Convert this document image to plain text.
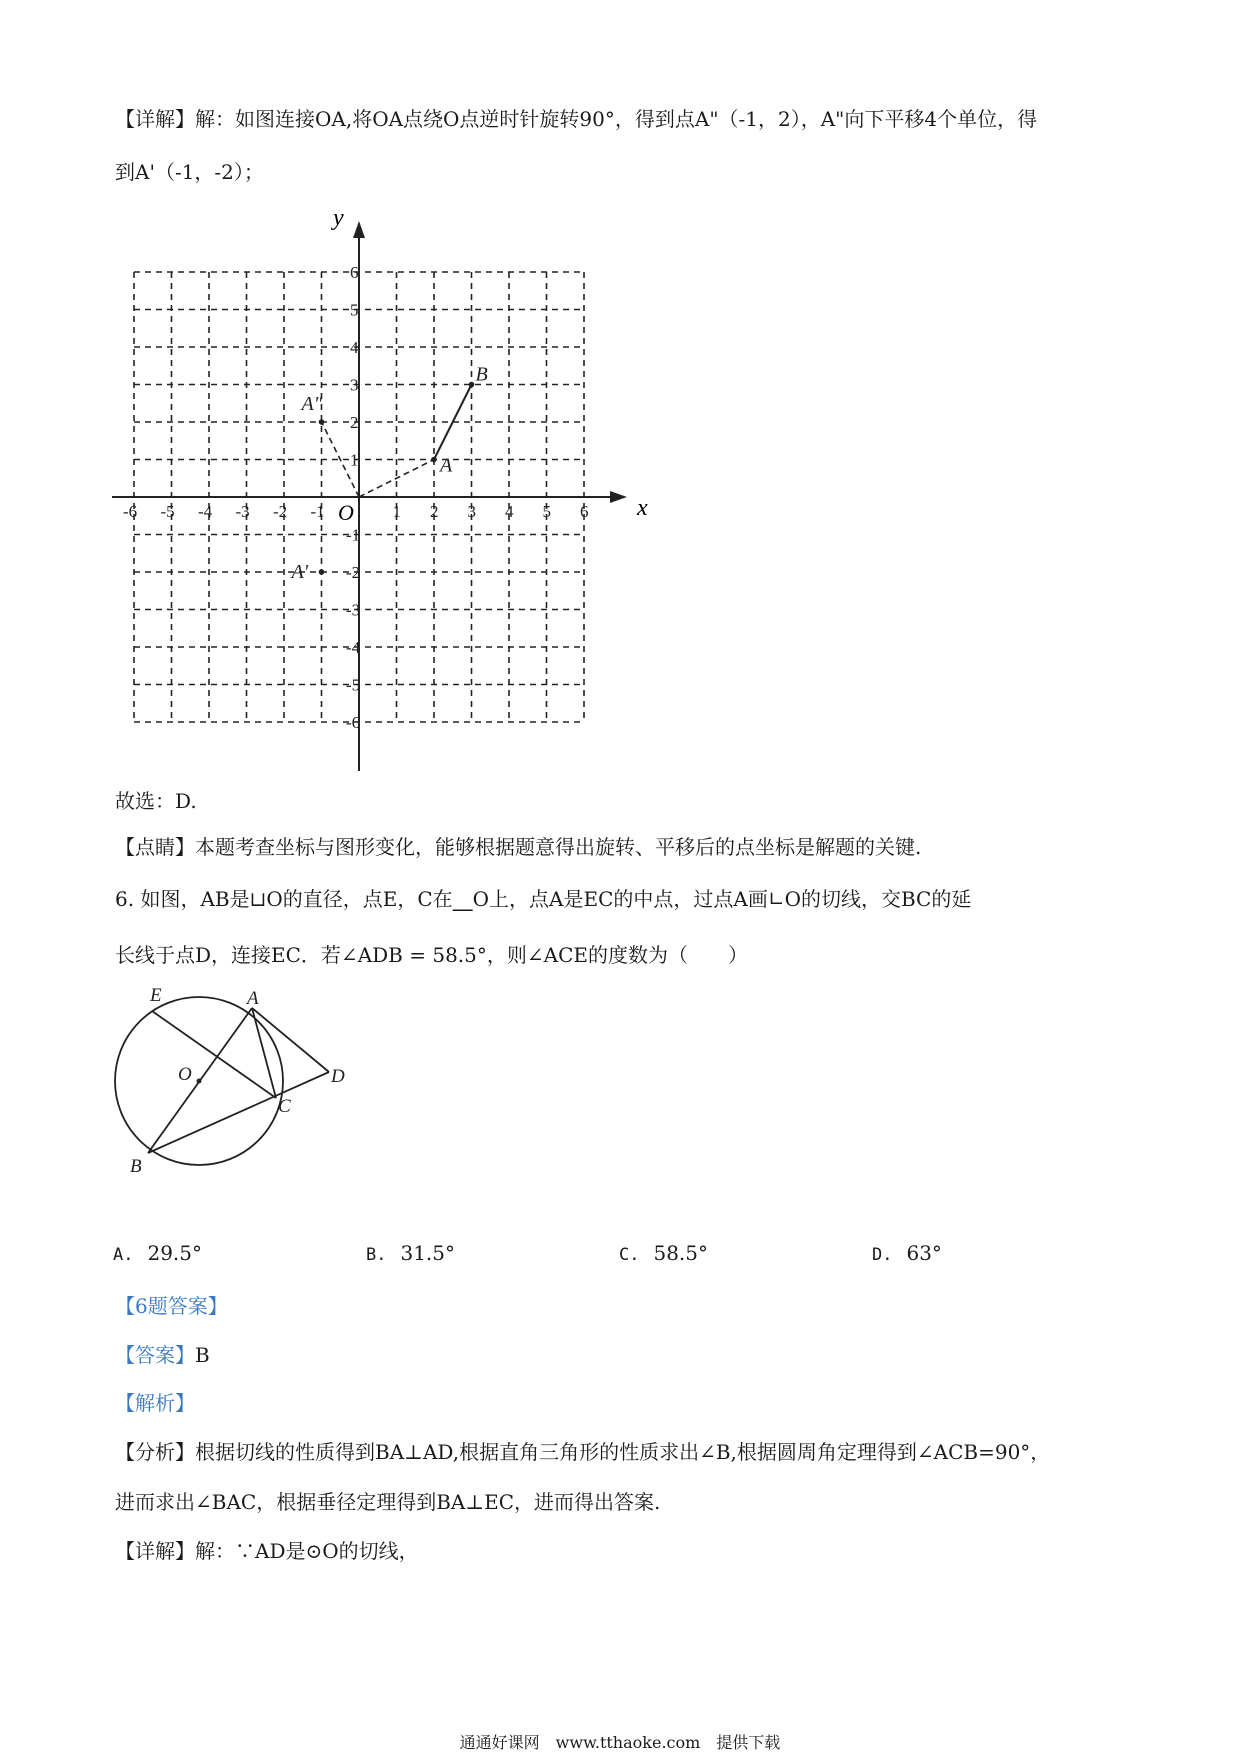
【详解】解：如图连接OA,将OA点绕O点逆时针旋转90°，得到点A"（-1，2），A"向下平移4个单位，得
到A'（-1，-2）；
x
y
O
-6 -5 -4 -3 -2 -1	1 2 3 4 5 6
6
5
4
3
2
1
-1
-2
-3
-4
-5
-6
A
B
A"
A'
故选：D.
【点睛】本题考查坐标与图形变化，能够根据题意得出旋转、平移后的点坐标是解题的关键.
6. 如图，AB是⊔O的直径，点E，C在⎽O上，点A是EC的中点，过点A画∟O的切线，交BC的延
长线于点D，连接EC．若∠ADB = 58.5°，则∠ACE的度数为（　　）
E	A
O	D
C
B
A. 29.5°	B. 31.5°	C. 58.5°	D. 63°
【6题答案】
【答案】B
【解析】
【分析】根据切线的性质得到BA⊥AD,根据直角三角形的性质求出∠B,根据圆周角定理得到∠ACB=90°，
进而求出∠BAC，根据垂径定理得到BA⊥EC，进而得出答案.
【详解】解：∵AD是⊙O的切线，
通通好课网　www.tthaoke.com　提供下载
